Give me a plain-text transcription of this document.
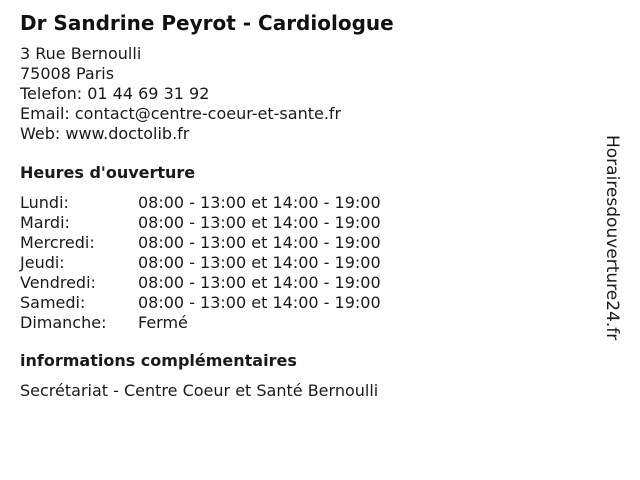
Dr Sandrine Peyrot - Cardiologue
3 Rue Bernoulli
75008 Paris
Telefon: 01 44 69 31 92
Email: contact@centre-coeur-et-sante.fr
Web: www.doctolib.fr
Heures d'ouverture
Lundi:	08:00 - 13:00 et 14:00 - 19:00
Mardi:	08:00 - 13:00 et 14:00 - 19:00
Mercredi:	08:00 - 13:00 et 14:00 - 19:00
Jeudi:	08:00 - 13:00 et 14:00 - 19:00
Vendredi:	08:00 - 13:00 et 14:00 - 19:00
Samedi:	08:00 - 13:00 et 14:00 - 19:00
Dimanche:	Fermé
informations complémentaires
Secrétariat - Centre Coeur et Santé Bernoulli
Horairesdouverture24.fr
